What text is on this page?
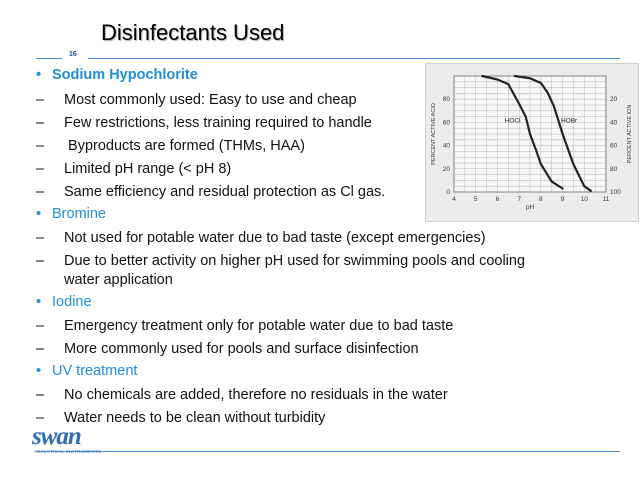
Disinfectants Used
16
• Sodium Hypochlorite
– Most commonly used: Easy to use and cheap
– Few restrictions, less training required to handle
– Byproducts are formed (THMs, HAA)
– Limited pH range (< pH 8)
– Same efficiency and residual protection as Cl gas.
• Bromine
– Not used for potable water due to bad taste (except emergencies)
– Due to better activity on higher pH used for swimming pools and cooling
water application
• Iodine
– Emergency treatment only for potable water due to bad taste
– More commonly used for pools and surface disinfection
• UV treatment
– No chemicals are added, therefore no residuals in the water
– Water needs to be clean without turbidity
4	5	6	7	8	9	10 11
0
20
40
60
80
100
80
60
40
20
pH
PERCENT ACTIVE ACID	PERCENT ACTIVE ION
HOCl	HOBr
swan
ANALYTICAL INSTRUMENTS
